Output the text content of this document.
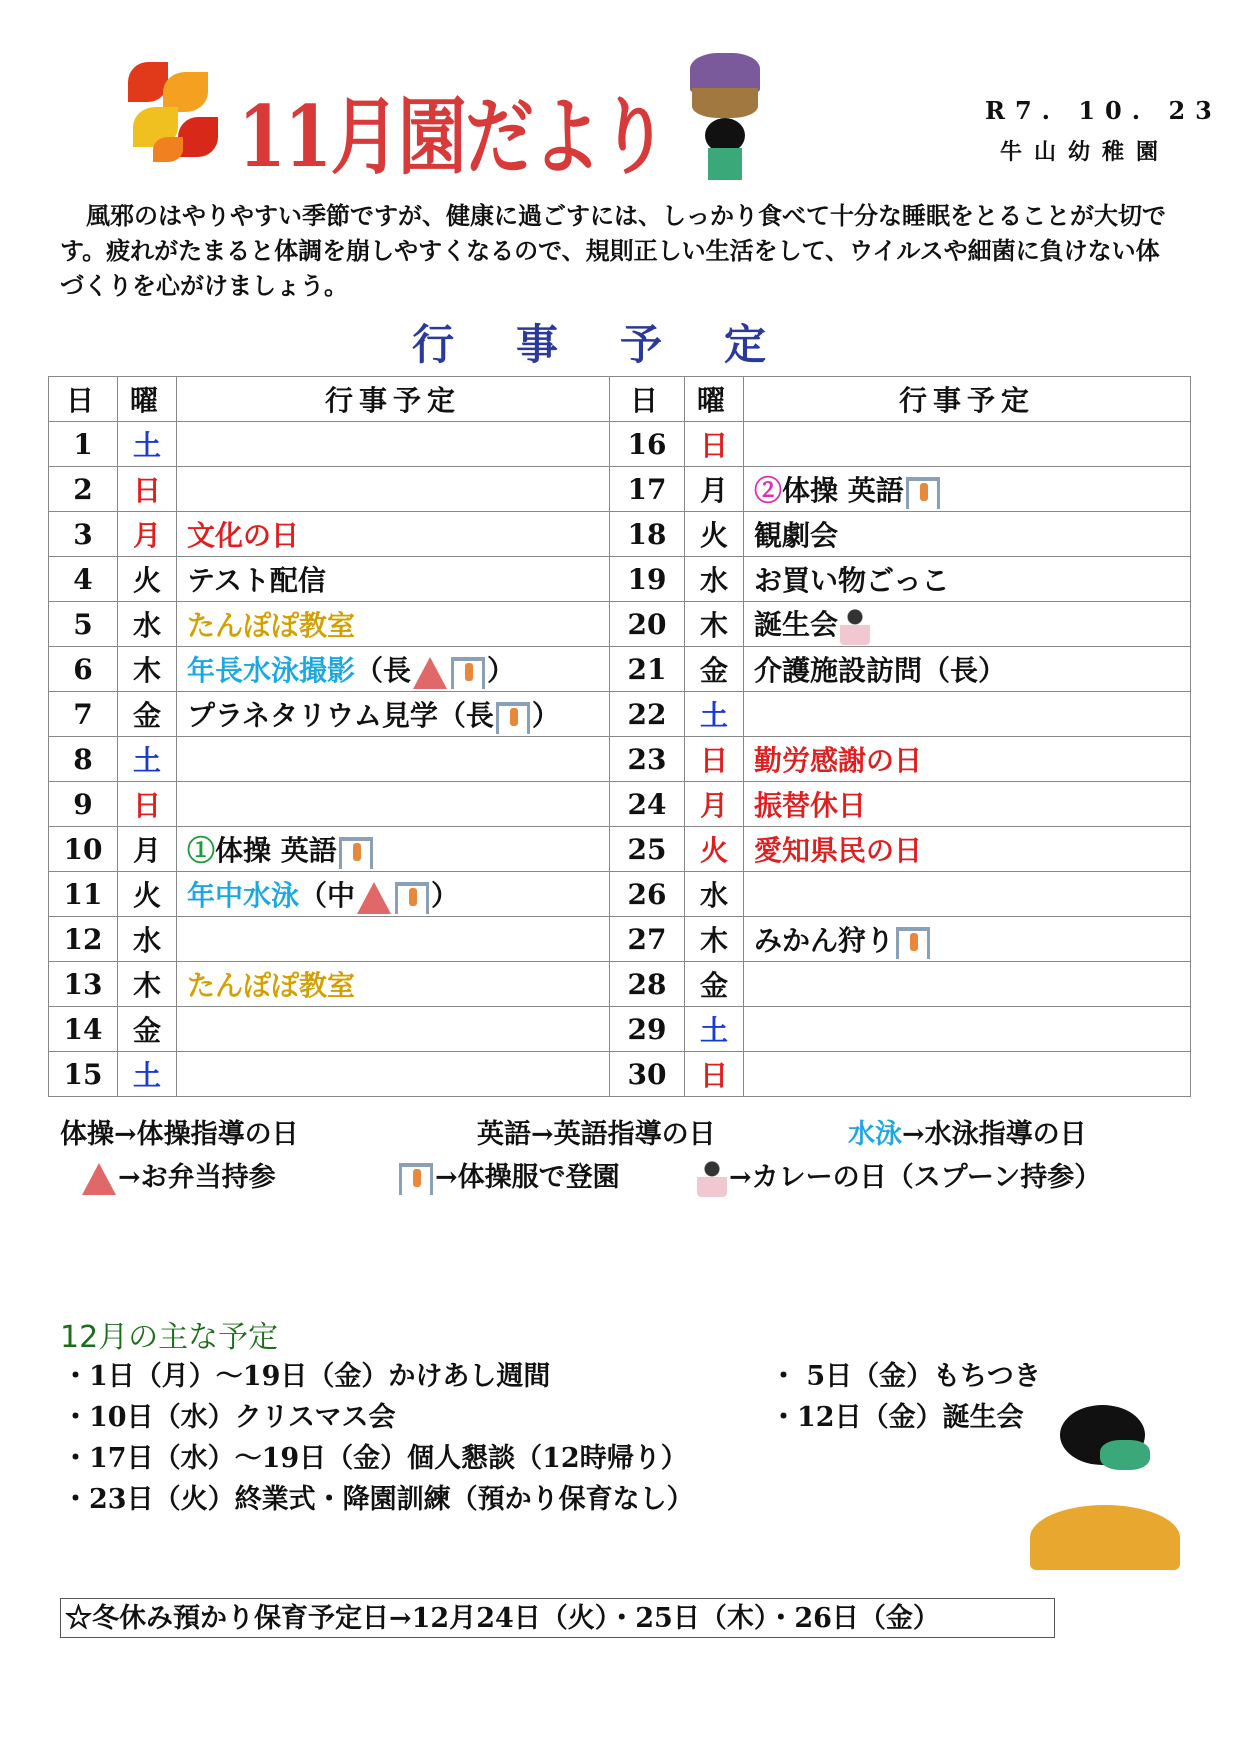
11月園だより	R7. 10. 23
牛山幼稚園
風邪のはやりやすい季節ですが、健康に過ごすには、しっかり食べて十分な睡眠をとることが大切です。疲れがたまると体調を崩しやすくなるので、規則正しい生活をして、ウイルスや細菌に負けない体づくりを心がけましょう。
行事予定
日	曜	行事予定	日	曜	行事予定
1	土		16	日	
2	日		17	月	②体操 英語
3	月	文化の日	18	火	観劇会
4	火	テスト配信	19	水	お買い物ごっこ
5	水	たんぽぽ教室	20	木	誕生会
6	木	年長水泳撮影（長 ）	21	金	介護施設訪問（長）
7	金	プラネタリウム見学（長 ）	22	土	
8	土		23	日	勤労感謝の日
9	日		24	月	振替休日
10	月	①体操 英語	25	火	愛知県民の日
11	火	年中水泳（中 ）	26	水	
12	水		27	木	みかん狩り
13	木	たんぽぽ教室	28	金	
14	金		29	土	
15	土		30	日	
体操→体操指導の日	英語→英語指導の日	水泳→水泳指導の日
→お弁当持参	→体操服で登園	→カレーの日（スプーン持参）
12月の主な予定
・1日（月）～19日（金）かけあし週間
・10日（水）クリスマス会
・17日（水）～19日（金）個人懇談（12時帰り）
・23日（火）終業式・降園訓練（預かり保育なし）
・ 5日（金）もちつき
・12日（金）誕生会
☆冬休み預かり保育予定日→12月24日（火）・25日（木）・26日（金）
